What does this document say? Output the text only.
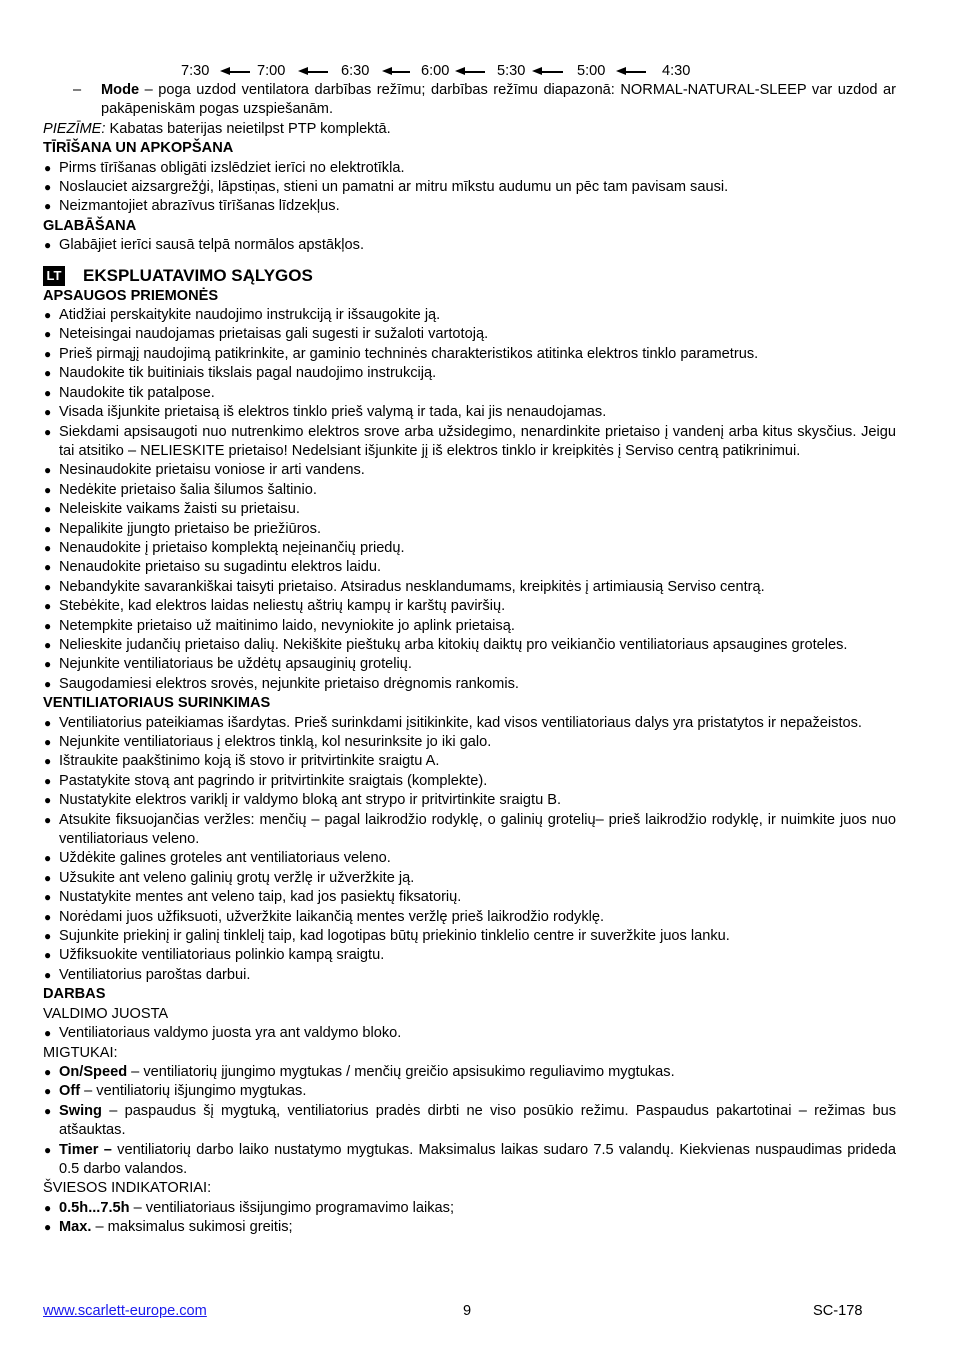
7:30	7:00	6:30	6:00	5:30	5:00	4:30
–	Mode – poga uzdod ventilatora darbības režīmu; darbības režīmu diapazonā: NORMAL-NATURAL-SLEEP var uzdod ar pakāpeniskām pogas uzspiešanām.
PIEZĪME: Kabatas baterijas neietilpst PTP komplektā.
TĪRĪŠANA UN APKOPŠANA
● Pirms tīrīšanas obligāti izslēdziet ierīci no elektrotīkla.
● Noslauciet aizsargrežģi, lāpstiņas, stieni un pamatni ar mitru mīkstu audumu un pēc tam pavisam sausi.
● Neizmantojiet abrazīvus tīrīšanas līdzekļus.
GLABĀŠANA
● Glabājiet ierīci sausā telpā normālos apstākļos.
LT EKSPLUATAVIMO SĄLYGOS
APSAUGOS PRIEMONĖS
● Atidžiai perskaitykite naudojimo instrukciją ir išsaugokite ją.
● Neteisingai naudojamas prietaisas gali sugesti ir sužaloti vartotoją.
● Prieš pirmąjį naudojimą patikrinkite, ar gaminio techninės charakteristikos atitinka elektros tinklo parametrus.
● Naudokite tik buitiniais tikslais pagal naudojimo instrukciją.
● Naudokite tik patalpose.
● Visada išjunkite prietaisą iš elektros tinklo prieš valymą ir tada, kai jis nenaudojamas.
● Siekdami apsisaugoti nuo nutrenkimo elektros srove arba užsidegimo, nenardinkite prietaiso į vandenį arba kitus skysčius. Jeigu tai atsitiko – NELIESKITE prietaiso! Nedelsiant išjunkite jį iš elektros tinklo ir kreipkitės į Serviso centrą patikrinimui.
● Nesinaudokite prietaisu voniose ir arti vandens.
● Nedėkite prietaiso šalia šilumos šaltinio.
● Neleiskite vaikams žaisti su prietaisu.
● Nepalikite įjungto prietaiso be priežiūros.
● Nenaudokite į prietaiso komplektą neįeinančių priedų.
● Nenaudokite prietaiso su sugadintu elektros laidu.
● Nebandykite savarankiškai taisyti prietaiso. Atsiradus nesklandumams, kreipkitės į artimiausią Serviso centrą.
● Stebėkite, kad elektros laidas neliestų aštrių kampų ir karštų paviršių.
● Netempkite prietaiso už maitinimo laido, nevyniokite jo aplink prietaisą.
● Nelieskite judančių prietaiso dalių. Nekiškite pieštukų arba kitokių daiktų pro veikiančio ventiliatoriaus apsaugines groteles.
● Nejunkite ventiliatoriaus be uždėtų apsauginių grotelių.
● Saugodamiesi elektros srovės, nejunkite prietaiso drėgnomis rankomis.
VENTILIATORIAUS SURINKIMAS
● Ventiliatorius pateikiamas išardytas. Prieš surinkdami įsitikinkite, kad visos ventiliatoriaus dalys yra pristatytos ir nepažeistos.
● Nejunkite ventiliatoriaus į elektros tinklą, kol nesurinksite jo iki galo.
● Ištraukite paakštinimo koją iš stovo ir pritvirtinkite sraigtu A.
● Pastatykite stovą ant pagrindo ir pritvirtinkite sraigtais (komplekte).
● Nustatykite elektros variklį ir valdymo bloką ant strypo ir pritvirtinkite sraigtu B.
● Atsukite fiksuojančias veržles: menčių – pagal laikrodžio rodyklę, o galinių grotelių– prieš laikrodžio rodyklę, ir nuimkite juos nuo ventiliatoriaus veleno.
● Uždėkite galines groteles ant ventiliatoriaus veleno.
● Užsukite ant veleno galinių grotų veržlę ir užveržkite ją.
● Nustatykite mentes ant veleno taip, kad jos pasiektų fiksatorių.
● Norėdami juos užfiksuoti, užveržkite laikančią mentes veržlę prieš laikrodžio rodyklę.
● Sujunkite priekinį ir galinį tinklelį taip, kad logotipas būtų priekinio tinklelio centre ir suveržkite juos lanku.
● Užfiksuokite ventiliatoriaus polinkio kampą sraigtu.
● Ventiliatorius paroštas darbui.
DARBAS
VALDIMO JUOSTA
● Ventiliatoriaus valdymo juosta yra ant valdymo bloko.
MIGTUKAI:
● On/Speed – ventiliatorių įjungimo mygtukas / menčių greičio apsisukimo reguliavimo mygtukas.
● Off – ventiliatorių išjungimo mygtukas.
● Swing – paspaudus šį mygtuką, ventiliatorius pradės dirbti ne viso posūkio režimu. Paspaudus pakartotinai – režimas bus atšauktas.
● Timer – ventiliatorių darbo laiko nustatymo mygtukas. Maksimalus laikas sudaro 7.5 valandų. Kiekvienas nuspaudimas prideda 0.5 darbo valandos.
ŠVIESOS INDIKATORIAI:
● 0.5h...7.5h – ventiliatoriaus išsijungimo programavimo laikas;
● Max. – maksimalus sukimosi greitis;
www.scarlett-europe.com	9	SC-178
